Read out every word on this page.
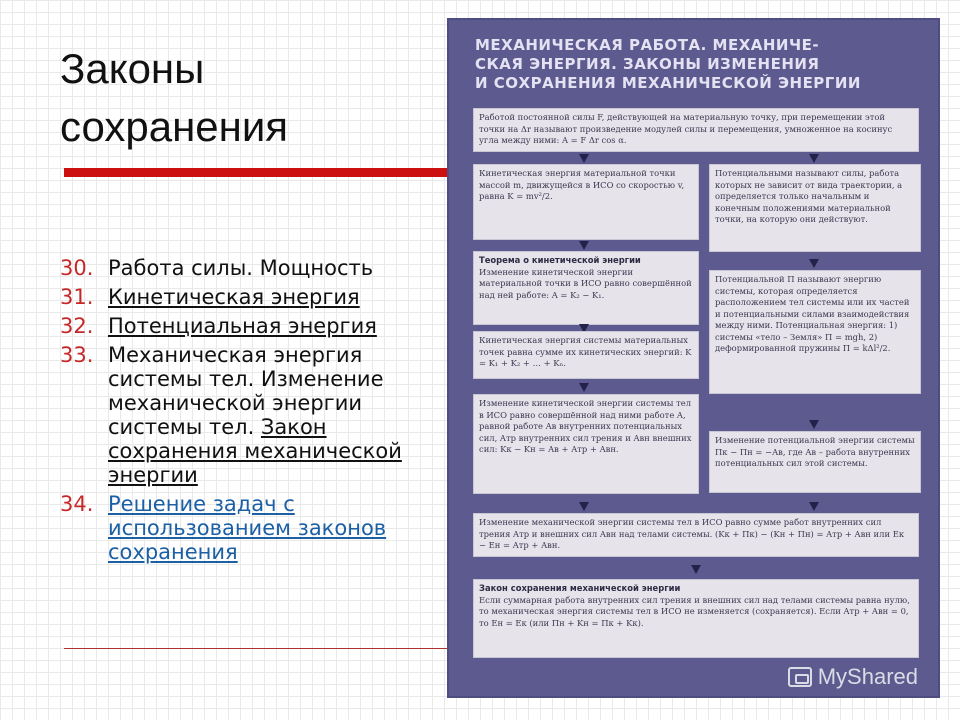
Законы
сохранения
30. Работа силы. Мощность
31. Кинетическая энергия
32. Потенциальная энергия
33. Механическая энергия системы тел. Изменение механической энергии системы тел. Закон сохранения механической энергии
34. Решение задач с использованием законов сохранения
МЕХАНИЧЕСКАЯ РАБОТА. МЕХАНИЧЕ-
СКАЯ ЭНЕРГИЯ. ЗАКОНЫ ИЗМЕНЕНИЯ
И СОХРАНЕНИЯ МЕХАНИЧЕСКОЙ ЭНЕРГИИ
Работой постоянной силы F, действующей на материальную точку, при перемещении этой точки на Δr называют произведение модулей силы и перемещения, умноженное на косинус угла между ними: A = F Δr cos α.
Кинетическая энергия материальной точки массой m, движущейся в ИСО со скоростью v, равна K = mv²/2.
Потенциальными называют силы, работа которых не зависит от вида траектории, а определяется только начальным и конечным положениями материальной точки, на которую они действуют.
Теорема о кинетической энергии
Изменение кинетической энергии материальной точки в ИСО равно совершённой над ней работе: A = K₂ − K₁.
Потенциальной П называют энергию системы, которая определяется расположением тел системы или их частей и потенциальными силами взаимодействия между ними. Потенциальная энергия: 1) системы «тело – Земля» П = mgh, 2) деформированной пружины П = kΔl²/2.
Кинетическая энергия системы материальных точек равна сумме их кинетических энергий: K = K₁ + K₂ + … + Kₙ.
Изменение кинетической энергии системы тел в ИСО равно совершённой над ними работе A, равной работе Aв внутренних потенциальных сил, Aтр внутренних сил трения и Aвн внешних сил: Kк − Kн = Aв + Aтр + Aвн.
Изменение потенциальной энергии системы Пк − Пн = −Aв, где Aв – работа внутренних потенциальных сил этой системы.
Изменение механической энергии системы тел в ИСО равно сумме работ внутренних сил трения Aтр и внешних сил Aвн над телами системы. (Kк + Пк) − (Kн + Пн) = Aтр + Aвн или Eк − Eн = Aтр + Aвн.
Закон сохранения механической энергии
Если суммарная работа внутренних сил трения и внешних сил над телами системы равна нулю, то механическая энергия системы тел в ИСО не изменяется (сохраняется). Если Aтр + Aвн = 0, то Eн = Eк (или Пн + Kн = Пк + Kк).
MyShared
